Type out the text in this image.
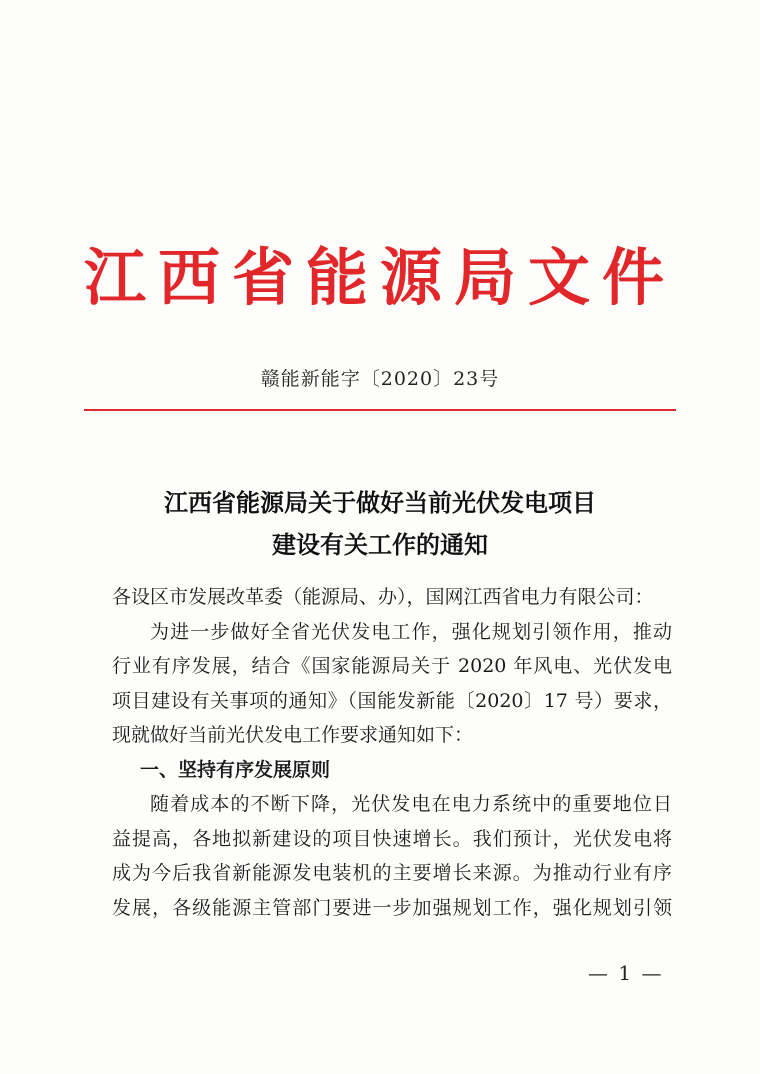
江西省能源局文件
赣能新能字〔2020〕23号
江西省能源局关于做好当前光伏发电项目
建设有关工作的通知

各设区市发展改革委（能源局、办），国网江西省电力有限公司：

为进一步做好全省光伏发电工作，强化规划引领作用，推动

行业有序发展，结合《国家能源局关于 2020 年风电、光伏发电

项目建设有关事项的通知》（国能发新能〔2020〕17 号）要求，

现就做好当前光伏发电工作要求通知如下：

一、坚持有序发展原则

随着成本的不断下降，光伏发电在电力系统中的重要地位日

益提高，各地拟新建设的项目快速增长。我们预计，光伏发电将

成为今后我省新能源发电装机的主要增长来源。为推动行业有序

发展，各级能源主管部门要进一步加强规划工作，强化规划引领

— 1 —
